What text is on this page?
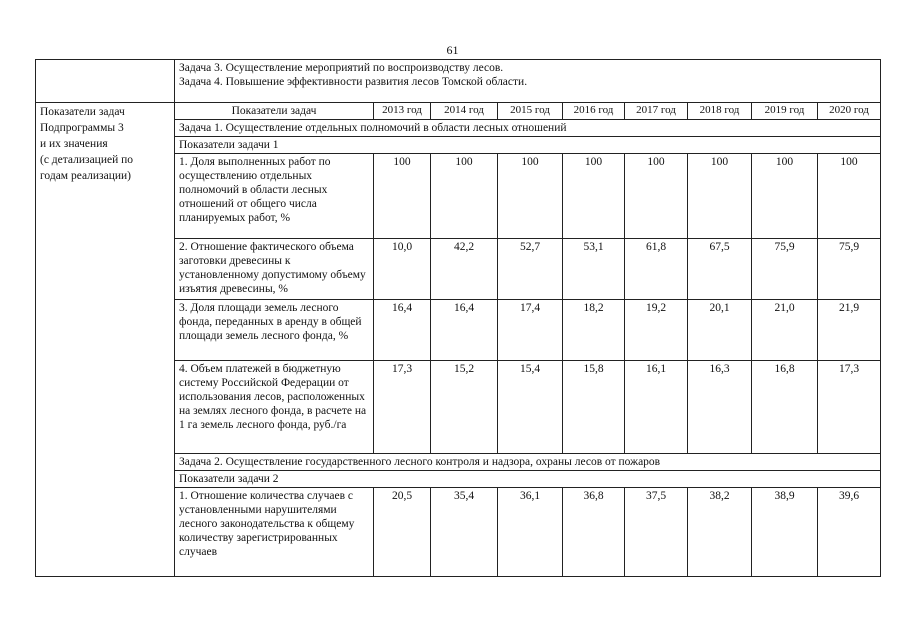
61

	Задача 3. Осуществление мероприятий по воспроизводству лесов.

Задача 4. Повышение эффективности развития лесов Томской области.								

Показатели задач
Подпрограммы 3
и их значения
(с детализацией по
годам реализации)	Показатели задач	2013 год	2014 год	2015 год	2016 год	2017 год	2018 год	2019 год	2020 год
	Задача 1. Осуществление отдельных полномочий в области лесных отношений								
	Показатели задачи 1								
	1. Доля выполненных работ по осуществлению отдельных полномочий в области лесных отношений от общего числа планируемых работ, %	100	100	100	100	100	100	100	100
	2. Отношение фактического объема заготовки древесины к установленному допустимому объему изъятия древесины, %	10,0	42,2	52,7	53,1	61,8	67,5	75,9	75,9
	3. Доля площади земель лесного фонда, переданных в аренду в общей площади земель лесного фонда, %	16,4	16,4	17,4	18,2	19,2	20,1	21,0	21,9
	4. Объем платежей в бюджетную систему Российской Федерации от использования лесов, расположенных на землях лесного фонда, в расчете на 1 га земель лесного фонда, руб./га	17,3	15,2	15,4	15,8	16,1	16,3	16,8	17,3
	Задача 2. Осуществление государственного лесного контроля и надзора, охраны лесов от пожаров								
	Показатели задачи 2								
	1. Отношение количества случаев с установленными нарушителями лесного законодательства к общему количеству зарегистрированных случаев	20,5	35,4	36,1	36,8	37,5	38,2	38,9	39,6
